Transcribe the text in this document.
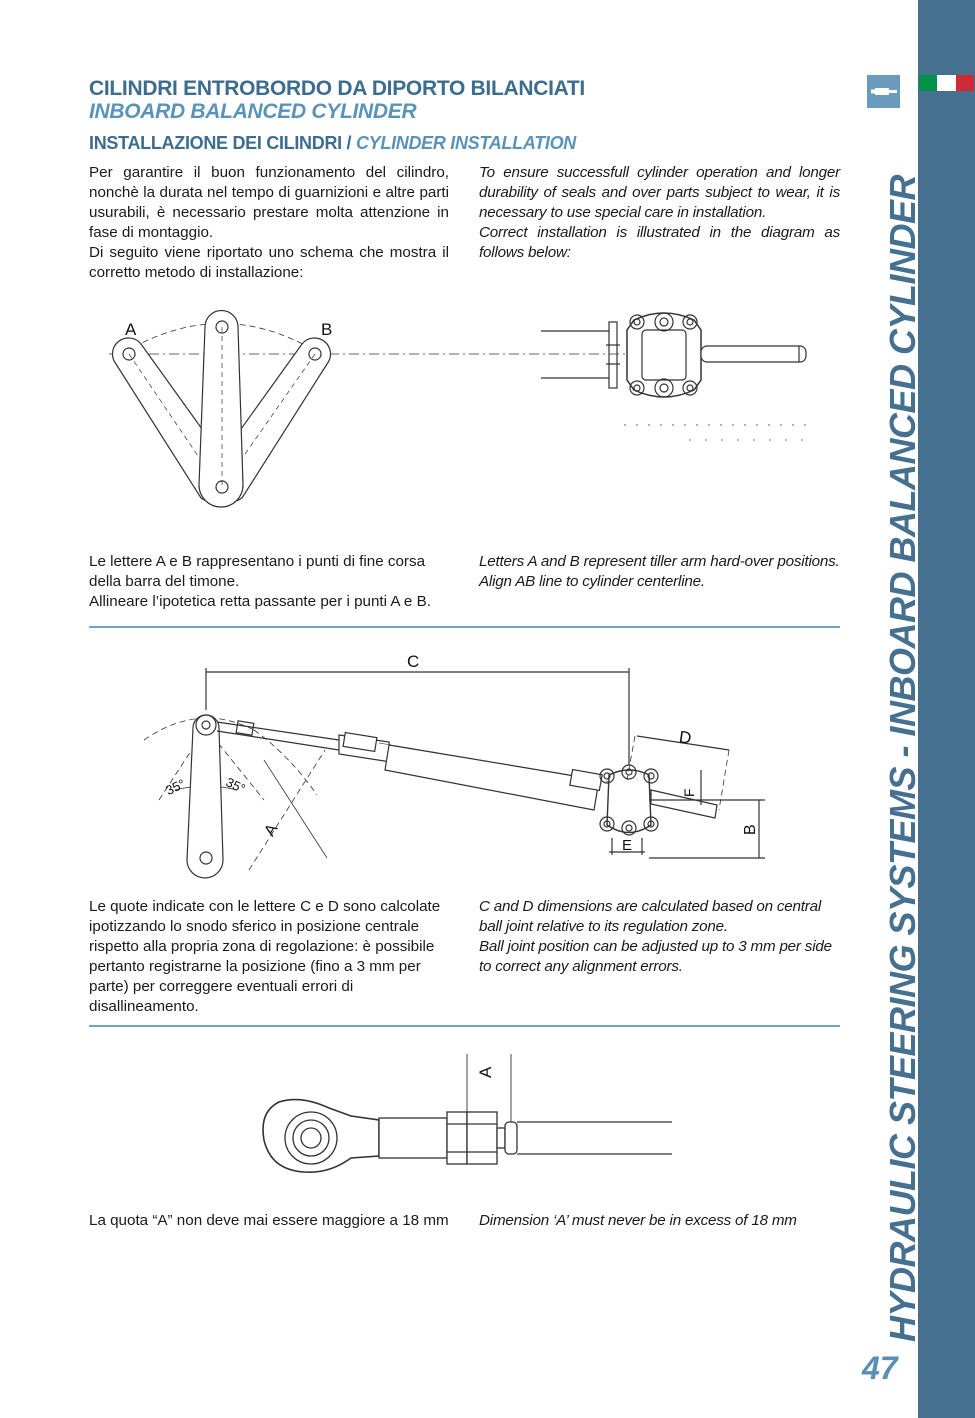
HYDRAULIC STEERING SYSTEMS - INBOARD BALANCED CYLINDER
47
CILINDRI ENTROBORDO DA DIPORTO BILANCIATI
INBOARD BALANCED CYLINDER
INSTALLAZIONE DEI CILINDRI / CYLINDER INSTALLATION

Per garantire il buon funzionamento del cilindro, nonchè la durata nel tempo di guarnizioni e altre parti usurabili, è necessario prestare molta attenzione in fase di montaggio.

Di seguito viene riportato uno schema che mostra il corretto metodo di installazione:

To ensure successfull cylinder operation and longer durability of seals and over parts subject to wear, it is necessary to use special care in installation.

Correct installation is illustrated in the diagram as follows below:

A	B

Le lettere A e B rappresentano i punti di fine corsa della barra del timone.

Allineare l’ipotetica retta passante per i punti A e B.

Letters A and B represent tiller arm hard-over positions.

Align AB line to cylinder centerline.

C
D
F
B
E
A
35°	35°

Le quote indicate con le lettere C e D sono calcolate ipotizzando lo snodo sferico in posizione centrale rispetto alla propria zona di regolazione: è possibile pertanto registrarne la posizione (fino a 3 mm per parte) per correggere eventuali errori di disallineamento.

C and D dimensions are calculated based on central ball joint relative to its regulation zone.

Ball joint position can be adjusted up to 3 mm per side to correct any alignment errors.

A

La quota “A” non deve mai essere maggiore a 18 mm Dimension ‘A’ must never be in excess of 18 mm
